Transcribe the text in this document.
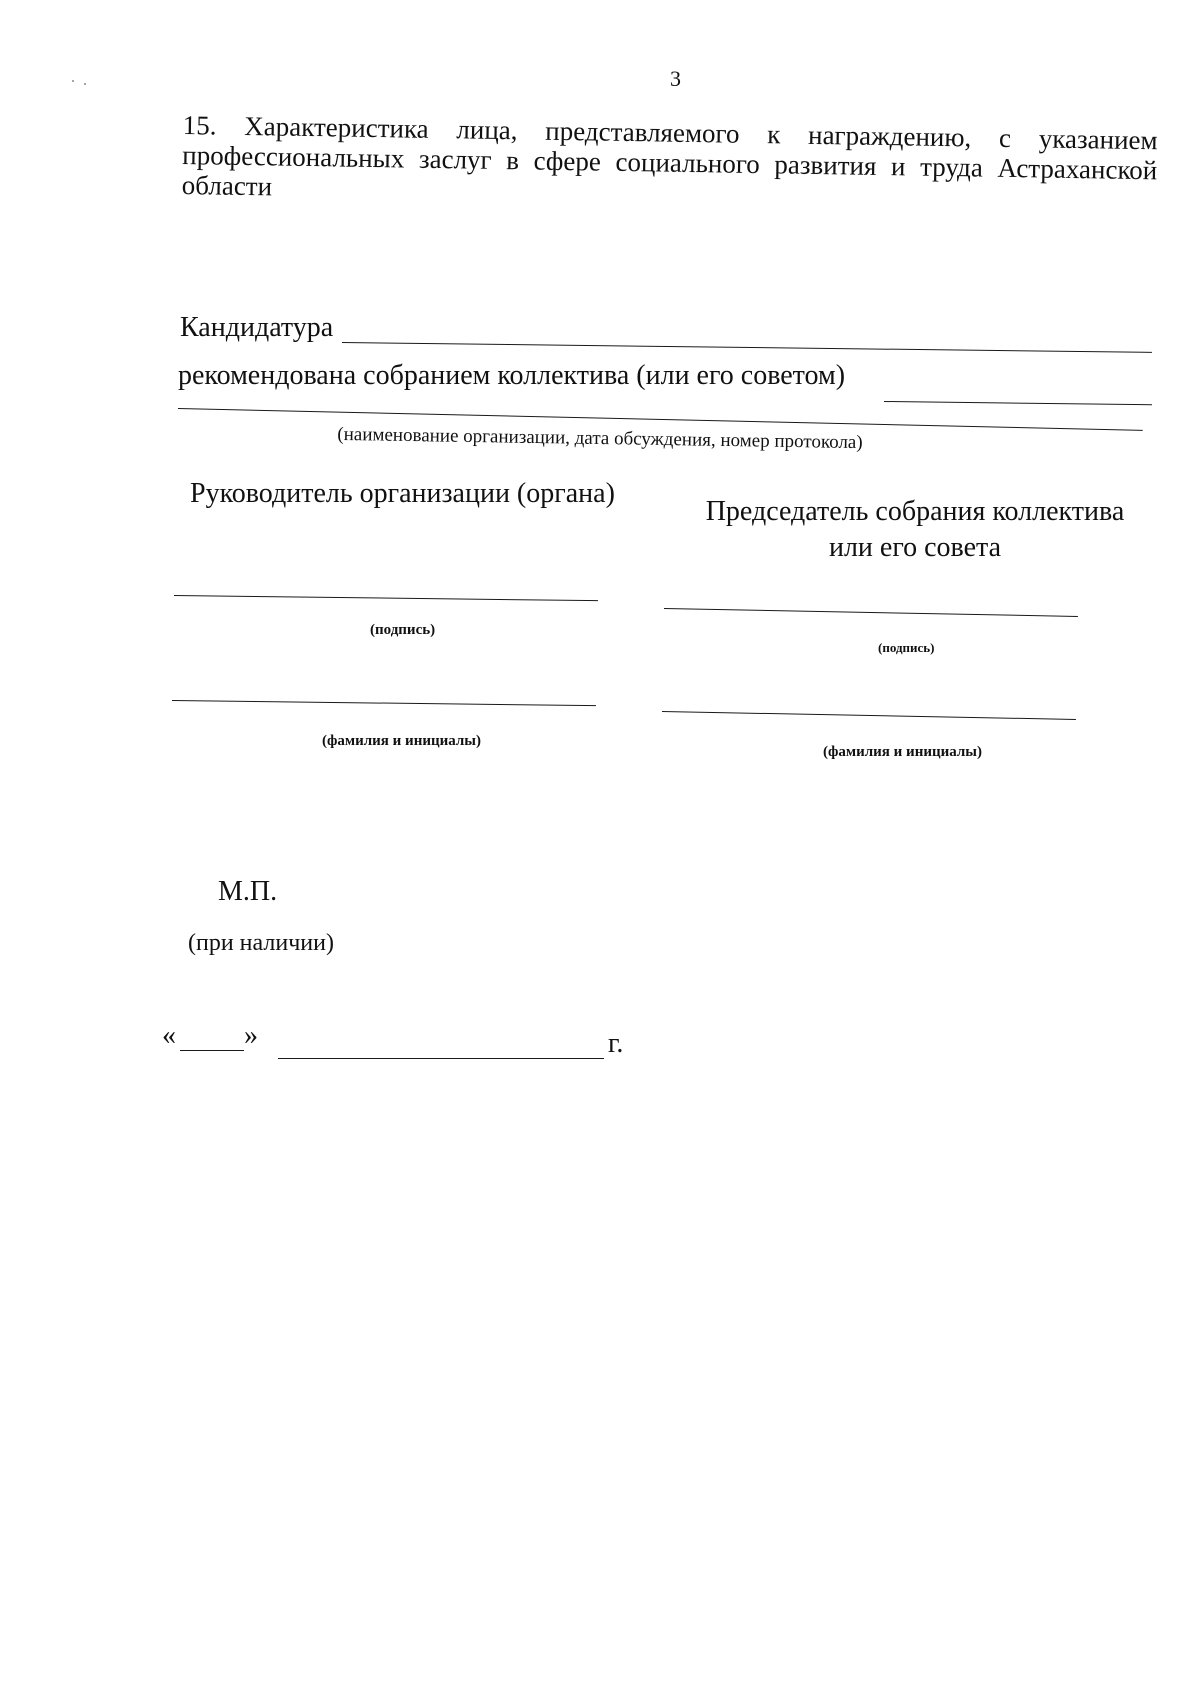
3
15. Характеристика лица, представляемого к награждению, с указанием профессиональных заслуг в сфере социального развития и труда Астраханской области
Кандидатура
рекомендована собранием коллектива (или его советом)
(наименование организации, дата обсуждения, номер протокола)
Руководитель организации (органа)
Председатель собрания коллектива или его совета
(подпись)
(фамилия и инициалы)
(подпись)
(фамилия и инициалы)
М.П.
(при наличии)
« »	г.
